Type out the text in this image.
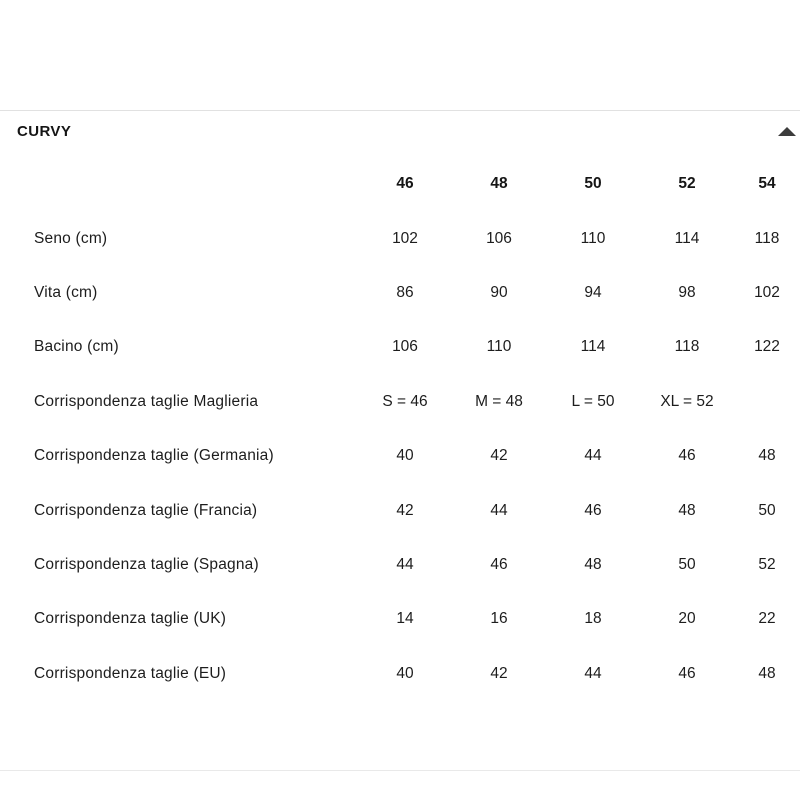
CURVY
46	48	50	52	54
Seno (cm)	102	106	110	114	118
Vita (cm)	86	90	94	98	102
Bacino (cm)	106	110	114	118	122
Corrispondenza taglie Maglieria	S = 46	M = 48	L = 50	XL = 52
Corrispondenza taglie (Germania)	40	42	44	46	48
Corrispondenza taglie (Francia)	42	44	46	48	50
Corrispondenza taglie (Spagna)	44	46	48	50	52
Corrispondenza taglie (UK)	14	16	18	20	22
Corrispondenza taglie (EU)	40	42	44	46	48
